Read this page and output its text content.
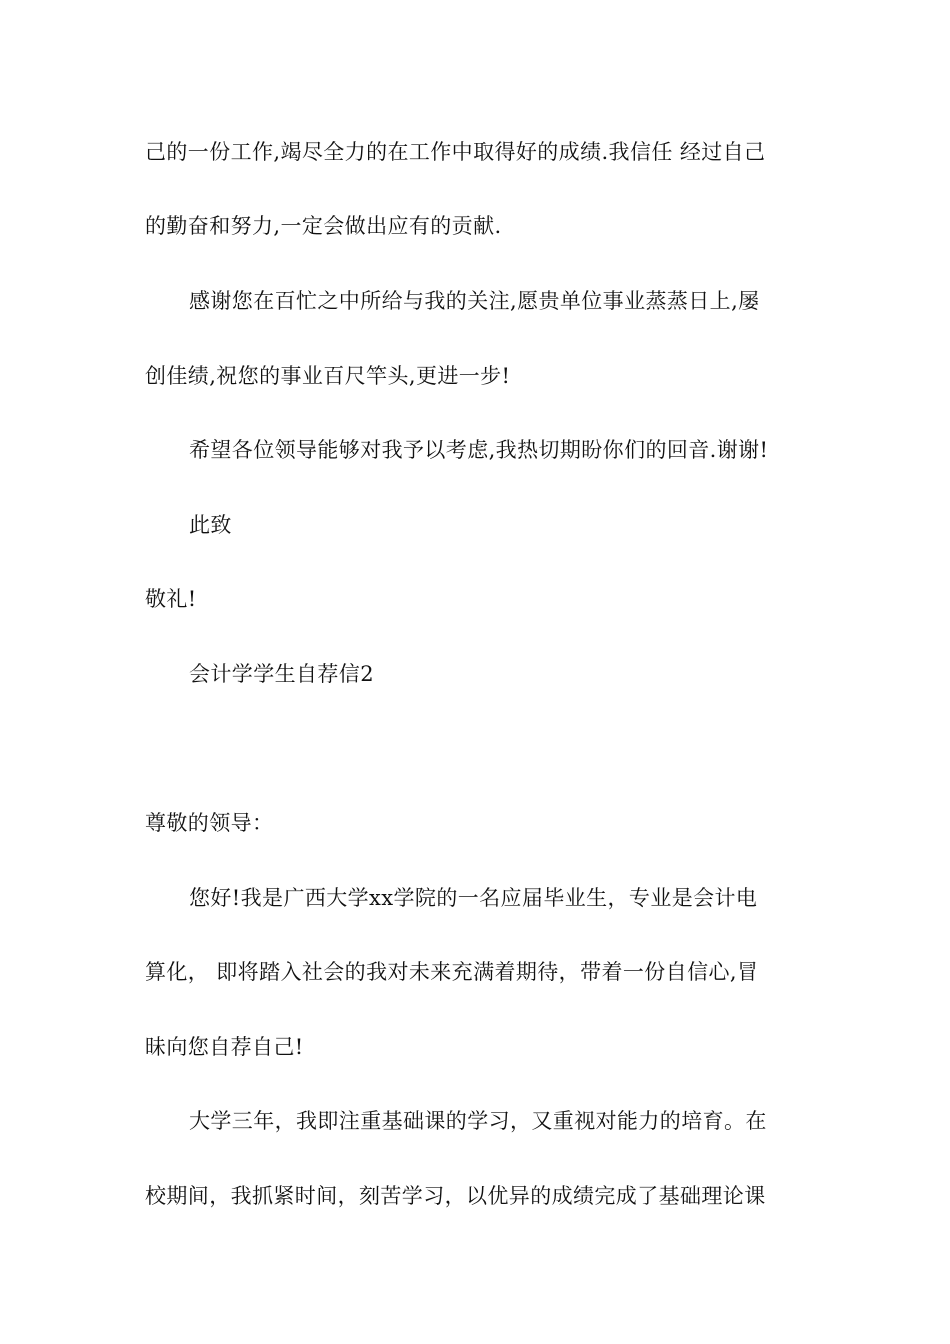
己的一份工作,竭尽全力的在工作中取得好的成绩.我信任 经过自己
的勤奋和努力,一定会做出应有的贡献.
感谢您在百忙之中所给与我的关注,愿贵单位事业蒸蒸日上,屡
创佳绩,祝您的事业百尺竿头,更进一步!
希望各位领导能够对我予以考虑,我热切期盼你们的回音.谢谢!
此致
敬礼!
会计学学生自荐信2
尊敬的领导：
您好!我是广西大学xx学院的一名应届毕业生，专业是会计电
算化， 即将踏入社会的我对未来充满着期待，带着一份自信心,冒
昧向您自荐自己!
大学三年，我即注重基础课的学习，又重视对能力的培育。在
校期间，我抓紧时间，刻苦学习，以优异的成绩完成了基础理论课
